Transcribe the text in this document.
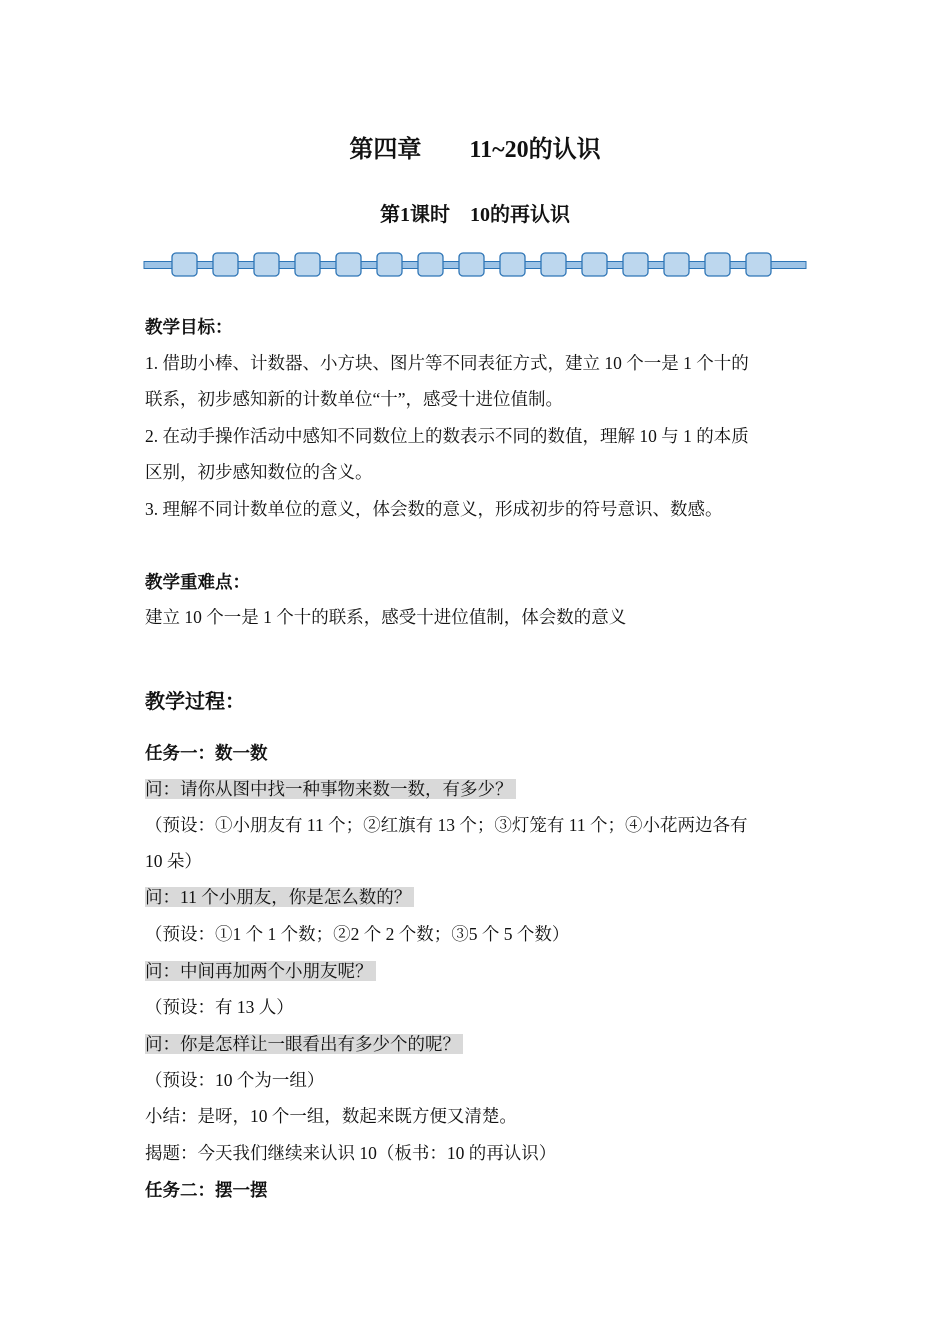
第四章        11~20的认识
第1课时    10的再认识
教学目标：
1. 借助小棒、计数器、小方块、图片等不同表征方式，建立 10 个一是 1 个十的
联系，初步感知新的计数单位“十”，感受十进位值制。
2. 在动手操作活动中感知不同数位上的数表示不同的数值，理解 10 与 1 的本质
区别，初步感知数位的含义。
3. 理解不同计数单位的意义，体会数的意义，形成初步的符号意识、数感。
教学重难点：
建立 10 个一是 1 个十的联系，感受十进位值制，体会数的意义
教学过程：
任务一：数一数
问：请你从图中找一种事物来数一数，有多少？
（预设：①小朋友有 11 个；②红旗有 13 个；③灯笼有 11 个；④小花两边各有
10 朵）
问：11 个小朋友，你是怎么数的？
（预设：①1 个 1 个数；②2 个 2 个数；③5 个 5 个数）
问：中间再加两个小朋友呢？
（预设：有 13 人）
问：你是怎样让一眼看出有多少个的呢？
（预设：10 个为一组）
小结：是呀，10 个一组，数起来既方便又清楚。
揭题：今天我们继续来认识 10（板书：10 的再认识）
任务二：摆一摆
